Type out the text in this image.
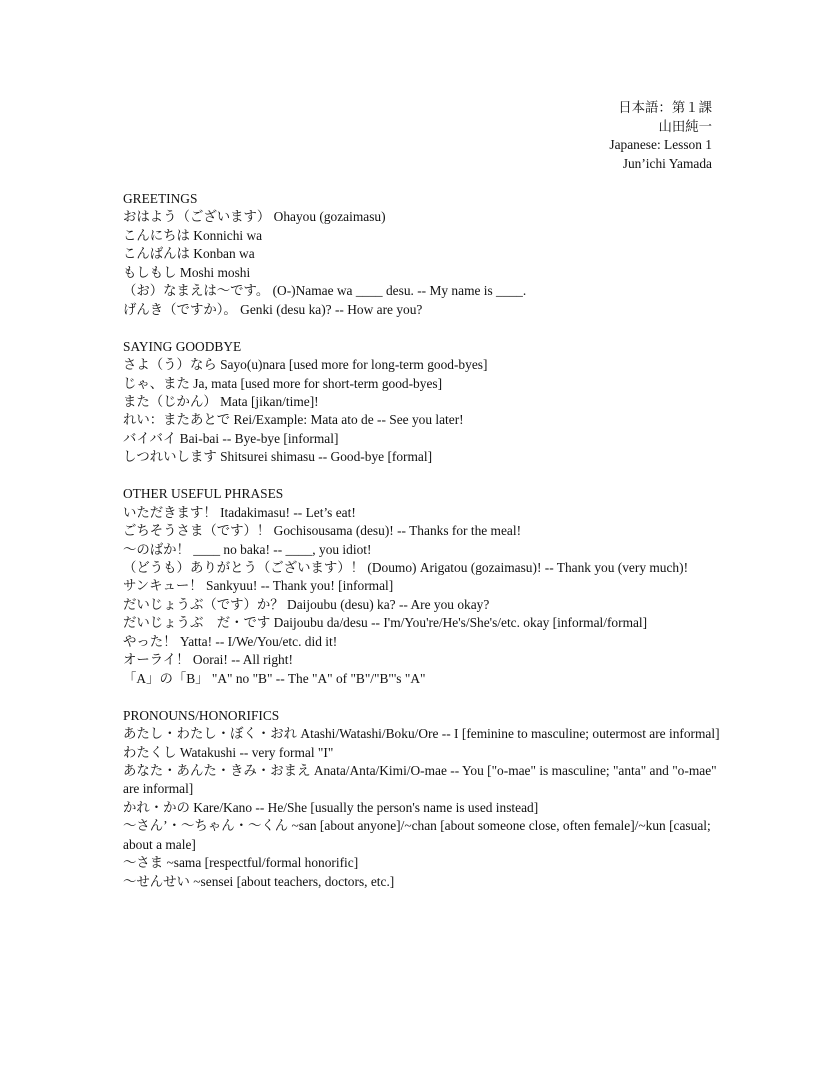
日本語：第１課
山田純一
Japanese: Lesson 1
Jun’ichi Yamada
GREETINGS
おはよう（ございます） Ohayou (gozaimasu)
こんにちは Konnichi wa
こんばんは Konban wa
もしもし Moshi moshi
（お）なまえは～です。 (O-)Namae wa ____ desu. -- My name is ____.
げんき（ですか）。 Genki (desu ka)? -- How are you?
SAYING GOODBYE
さよ（う）なら Sayo(u)nara [used more for long-term good-byes]
じゃ、また Ja, mata [used more for short-term good-byes]
また（じかん） Mata [jikan/time]!
れい：またあとで Rei/Example: Mata ato de -- See you later!
バイバイ Bai-bai -- Bye-bye [informal]
しつれいします Shitsurei shimasu -- Good-bye [formal]
OTHER USEFUL PHRASES
いただきます！ Itadakimasu! -- Let’s eat!
ごちそうさま（です）！ Gochisousama (desu)! -- Thanks for the meal!
～のばか！ ____ no baka! -- ____, you idiot!
（どうも）ありがとう（ございます）！ (Doumo) Arigatou (gozaimasu)! -- Thank you (very much)!
サンキュー！ Sankyuu! -- Thank you! [informal]
だいじょうぶ（です）か？ Daijoubu (desu) ka? -- Are you okay?
だいじょうぶ　だ・です Daijoubu da/desu -- I'm/You're/He's/She's/etc. okay [informal/formal]
やった！ Yatta! -- I/We/You/etc. did it!
オーライ！ Oorai! -- All right!
「A」の「B」 "A" no "B" -- The "A" of "B"/"B"'s "A"
PRONOUNS/HONORIFICS
あたし・わたし・ぼく・おれ Atashi/Watashi/Boku/Ore -- I [feminine to masculine; outermost are informal]
わたくし Watakushi -- very formal "I"
あなた・あんた・きみ・おまえ Anata/Anta/Kimi/O-mae -- You ["o-mae" is masculine; "anta" and "o-mae" are informal]
かれ・かの Kare/Kano -- He/She [usually the person's name is used instead]
～さん’・～ちゃん・～くん ~san [about anyone]/~chan [about someone close, often female]/~kun [casual; about a male]
～さま ~sama [respectful/formal honorific]
～せんせい ~sensei [about teachers, doctors, etc.]
